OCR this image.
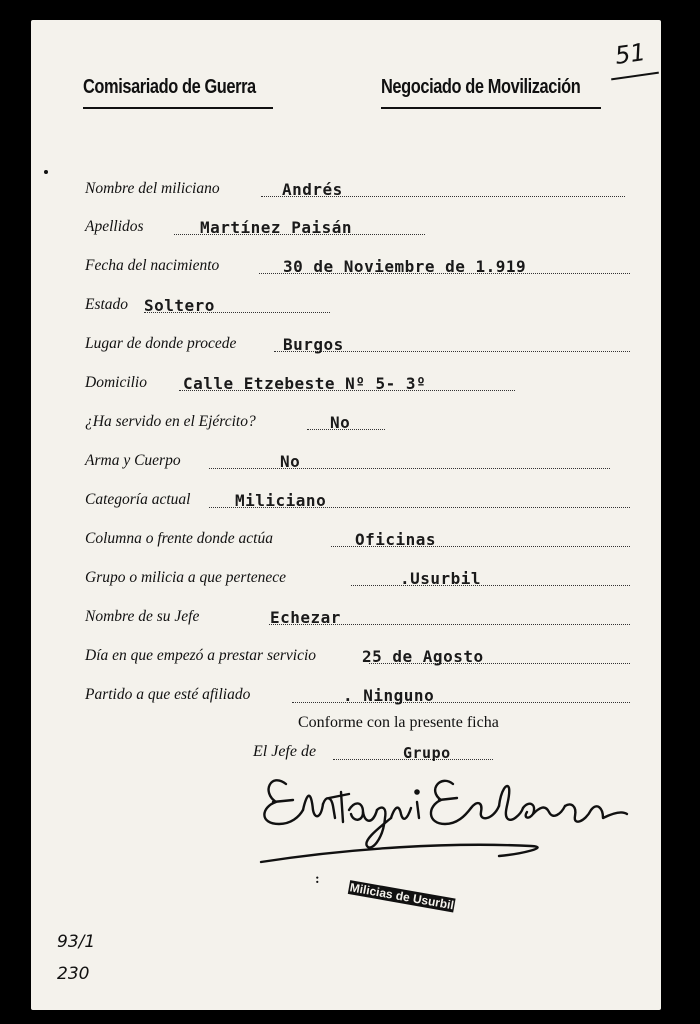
Comisariado de Guerra	Negociado de Movilización
51
Nombre del miliciano	Andrés
Apellidos	Martínez Paisán
Fecha del nacimiento	30 de Noviembre de 1.919
Estado Soltero
Lugar de donde procede	Burgos
Domicilio Calle Etzebeste Nº 5- 3º
¿Ha servido en el Ejército?	No
Arma y Cuerpo	No
Categoría actual	Miliciano
Columna o frente donde actúa	Oficinas
Grupo o milicia a que pertenece	.Usurbil
Nombre de su Jefe	Echezar
Día en que empezó a prestar servicio	25 de Agosto
Partido a que esté afiliado	. Ninguno
Conforme con la presente ficha
El Jefe de	Grupo
:
Milicias de Usurbil
93/1
230
